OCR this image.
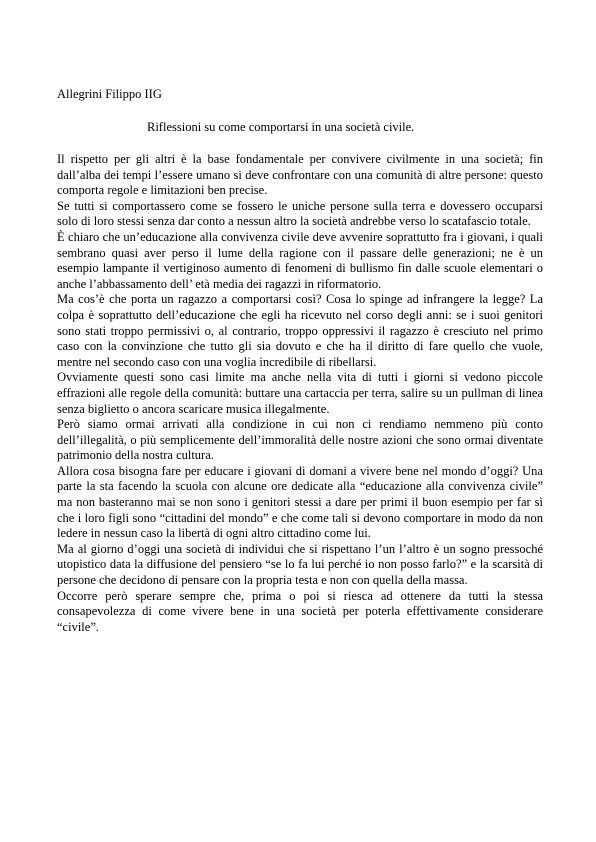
Allegrini Filippo IIG
Riflessioni su come comportarsi in una società civile.

Il rispetto per gli altri è la base fondamentale per convivere civilmente in una società; fin dall’alba dei tempi l’essere umano si deve confrontare con una comunità di altre persone: questo comporta regole e limitazioni ben precise.

Se tutti si comportassero come se fossero le uniche persone sulla terra e dovessero occuparsi solo di loro stessi senza dar conto a nessun altro la società andrebbe verso lo scatafascio totale.

È chiaro che un’educazione alla convivenza civile deve avvenire soprattutto fra i giovani, i quali sembrano quasi aver perso il lume della ragione con il passare delle generazioni; ne è un esempio lampante il vertiginoso aumento di fenomeni di bullismo fin dalle scuole elementari o anche l’abbassamento dell’ età media dei ragazzi in riformatorio.

Ma cos’è che porta un ragazzo a comportarsi così? Cosa lo spinge ad infrangere la legge? La colpa è soprattutto dell’educazione che egli ha ricevuto nel corso degli anni: se i suoi genitori sono stati troppo permissivi o, al contrario, troppo oppressivi il ragazzo è cresciuto nel primo caso con la convinzione che tutto gli sia dovuto e che ha il diritto di fare quello che vuole, mentre nel secondo caso con una voglia incredibile di ribellarsi.

Ovviamente questi sono casi limite ma anche nella vita di tutti i giorni si vedono piccole effrazioni alle regole della comunità: buttare una cartaccia per terra, salire su un pullman di linea senza biglietto o ancora scaricare musica illegalmente.

Però siamo ormai arrivati alla condizione in cui non ci rendiamo nemmeno più conto dell’illegalità, o più semplicemente dell’immoralità delle nostre azioni che sono ormai diventate patrimonio della nostra cultura.

Allora cosa bisogna fare per educare i giovani di domani a vivere bene nel mondo d’oggi? Una parte la sta facendo la scuola con alcune ore dedicate alla “educazione alla convivenza civile” ma non basteranno mai se non sono i genitori stessi a dare per primi il buon esempio per far sì che i loro figli sono “cittadini del mondo” e che come tali si devono comportare in modo da non ledere in nessun caso la libertà di ogni altro cittadino come lui.

Ma al giorno d’oggi una società di individui che si rispettano l’un l’altro è un sogno pressoché utopistico data la diffusione del pensiero “se lo fa lui perché io non posso farlo?” e la scarsità di persone che decidono di pensare con la propria testa e non con quella della massa.

Occorre però sperare sempre che, prima o poi si riesca ad ottenere da tutti la stessa consapevolezza di come vivere bene in una società per poterla effettivamente considerare “civile”.
